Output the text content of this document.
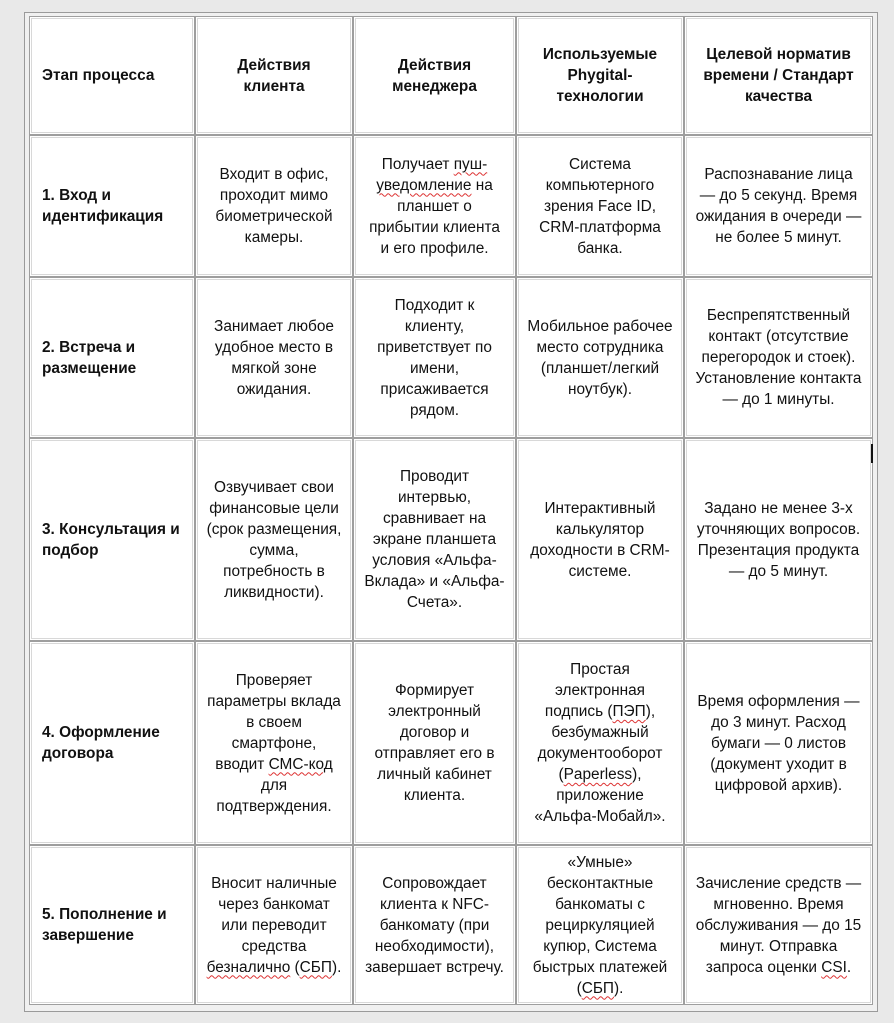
Этап процесса	Действия клиента	Действия менеджера	Используемые Phygital-технологии	Целевой норматив времени / Стандарт качества
1. Вход и идентификация	Входит в офис, проходит мимо биометрической камеры.	Получает пуш-уведомление на планшет о прибытии клиента и его профиле.	Система компьютерного зрения Face ID, CRM-платформа банка.	Распознавание лица — до 5 секунд. Время ожидания в очереди — не более 5 минут.
2. Встреча и размещение	Занимает любое удобное место в мягкой зоне ожидания.	Подходит к клиенту, приветствует по имени, присаживается рядом.	Мобильное рабочее место сотрудника (планшет/легкий ноутбук).	Беспрепятственный контакт (отсутствие перегородок и стоек). Установление контакта — до 1 минуты.
3. Консультация и подбор	Озвучивает свои финансовые цели (срок размещения, сумма, потребность в ликвидности).	Проводит интервью, сравнивает на экране планшета условия «Альфа-Вклада» и «Альфа-Счета».	Интерактивный калькулятор доходности в CRM-системе.	Задано не менее 3-х уточняющих вопросов. Презентация продукта — до 5 минут.
4. Оформление договора	Проверяет параметры вклада в своем смартфоне, вводит СМС-код для подтверждения.	Формирует электронный договор и отправляет его в личный кабинет клиента.	Простая электронная подпись (ПЭП), безбумажный документооборот (Paperless), приложение «Альфа-Мобайл».	Время оформления — до 3 минут. Расход бумаги — 0 листов (документ уходит в цифровой архив).
5. Пополнение и завершение	Вносит наличные через банкомат или переводит средства безналично (СБП).	Сопровождает клиента к NFC-банкомату (при необходимости), завершает встречу.	«Умные» бесконтактные банкоматы с рециркуляцией купюр, Система быстрых платежей (СБП).	Зачисление средств — мгновенно. Время обслуживания — до 15 минут. Отправка запроса оценки CSI.
